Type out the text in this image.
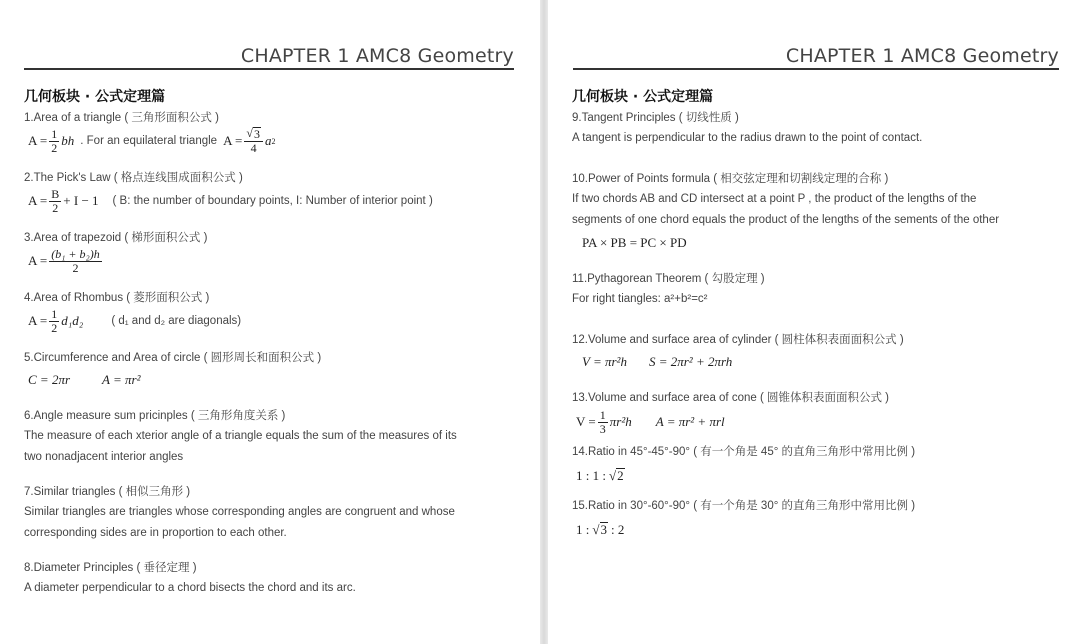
CHAPTER 1 AMC8 Geometry
几何板块 · 公式定理篇
1.Area of a triangle ( 三角形面积公式 )
$A = \frac{1}{2}$ bh . For an equilateral triangle $A = \frac{√ 3}{4}$ a 2
2.The Pick's Law ( 格点连线围成面积公式 )
$A = \frac{B}{2} + I - 1$ ( B: the number of boundary points, I: Number of interior point )
3.Area of trapezoid ( 梯形面积公式 )
$A = \frac{\text{(b₁ + b₂)h}}{2}$
4.Area of Rhombus ( 菱形面积公式 )
$A = \frac{1}{2} d_1d_2$ ( d₁ and d₂ are diagonals)
5.Circumference and Area of circle ( 圆形周长和面积公式 )
C = 2πr A = πr²
6.Angle measure sum pricinples ( 三角形角度关系 )
The measure of each xterior angle of a triangle equals the sum of the measures of its
two nonadjacent interior angles
7.Similar triangles ( 相似三角形 )
Similar triangles are triangles whose corresponding angles are congruent and whose
corresponding sides are in proportion to each other.
8.Diameter Principles ( 垂径定理 )
A diameter perpendicular to a chord bisects the chord and its arc.
CHAPTER 1 AMC8 Geometry
几何板块 · 公式定理篇
9.Tangent Principles ( 切线性质 )
A tangent is perpendicular to the radius drawn to the point of contact.
10.Power of Points formula ( 相交弦定理和切割线定理的合称 )
If two chords AB and CD intersect at a point P , the product of the lengths of the
segments of one chord equals the product of the lengths of the sements of the other
PA × PB = PC × PD
11.Pythagorean Theorem ( 勾股定理 )
For right tiangles: a²+b²=c²
12.Volume and surface area of cylinder ( 圆柱体积表面面积公式 )
V = πr²h S = 2πr² + 2πrh
13.Volume and surface area of cone ( 圆锥体积表面面积公式 )
$V = \frac{1}{3} \pi r^2h$ A = πr² + πrl
14.Ratio in 45°-45°-90° ( 有一个角是 45° 的直角三角形中常用比例 )
1 : 1 : √ 2
15.Ratio in 30°-60°-90° ( 有一个角是 30° 的直角三角形中常用比例 )
1 : √ 3 : 2
